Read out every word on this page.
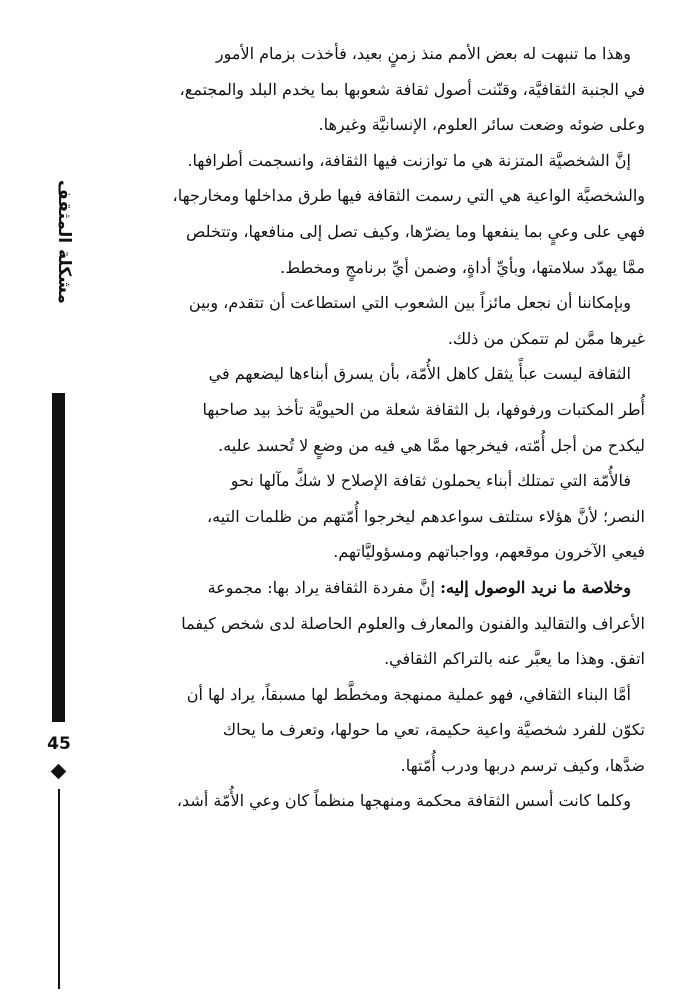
مشكلة المثقف
45
وهذا ما تنبهت له بعض الأمم منذ زمنٍ بعيد، فأخذت بزمام الأمور
في الجنبة الثقافيَّة، وقنّنت أصول ثقافة شعوبها بما يخدم البلد والمجتمع،
وعلى ضوئه وضعت سائر العلوم، الإنسانيَّة وغيرها.
إنَّ الشخصيَّة المتزنة هي ما توازنت فيها الثقافة، وانسجمت أطرافها.
والشخصيَّة الواعية هي التي رسمت الثقافة فيها طرق مداخلها ومخارجها،
فهي على وعيٍ بما ينفعها وما يضرّها، وكيف تصل إلى منافعها، وتتخلص
ممَّا يهدّد سلامتها، وبأيِّ أداةٍ، وضمن أيِّ برنامجٍ ومخطط.
وبإمكاننا أن نجعل مائزاً بين الشعوب التي استطاعت أن تتقدم، وبين
غيرها ممَّن لم تتمكن من ذلك.
الثقافة ليست عبأً يثقل كاهل الأُمّة، بأن يسرق أبناءها ليضعهم في
أُطر المكتبات ورفوفها، بل الثقافة شعلة من الحيويَّة تأخذ بيد صاحبها
ليكدح من أجل أُمّته، فيخرجها ممَّا هي فيه من وضعٍ لا تُحسد عليه.
فالأُمّة التي تمتلك أبناء يحملون ثقافة الإصلاح لا شكَّ مآلها نحو
النصر؛ لأنَّ هؤلاء ستلتف سواعدهم ليخرجوا أُمّتهم من ظلمات التيه،
فيعي الآخرون موقعهم، وواجباتهم ومسؤوليَّاتهم.
وخلاصة ما نريد الوصول إليه: إنَّ مفردة الثقافة يراد بها: مجموعة
الأعراف والتقاليد والفنون والمعارف والعلوم الحاصلة لدى شخص كيفما
اتفق. وهذا ما يعبَّر عنه بالتراكم الثقافي.
أمَّا البناء الثقافي، فهو عملية ممنهجة ومخطَّط لها مسبقاً، يراد لها أن
تكوّن للفرد شخصيَّة واعية حكيمة، تعي ما حولها، وتعرف ما يحاك
ضدَّها، وكيف ترسم دربها ودرب أُمّتها.
وكلما كانت أسس الثقافة محكمة ومنهجها منظماً كان وعي الأُمّة أشد،
